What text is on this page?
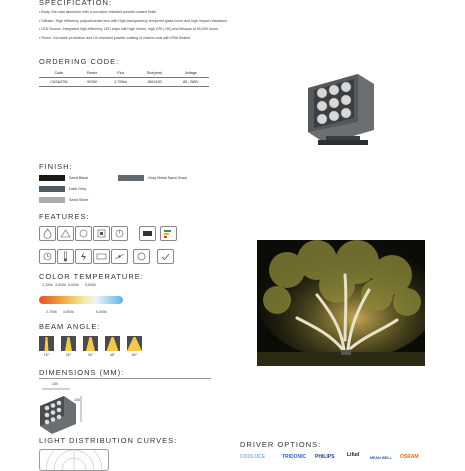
SPECIFICATION:
• Body: Die-cast aluminum with a corrosion-resistant powder-coated finish.
• Diffuser: High efficiency polycarbonate lens with High-transparency tempered glass cover and high impact resistance.
• LED Source: Integrated high-efficiency LED chips with high lumen, high CRI (>90) and lifespan of 50,000 hours.
• Finish: Corrosion protection and UV-resistant powder coating or marine coat with IP66 Sealed.
ORDERING CODE:
Code	Power	Flux	Size(mm)	Voltage
CUSA27W	9X3W	2,700lm	150X150	85 - 265V
FINISH:
Sand Black
Dark Grey
Sand Silver
Gray Metal Sand Grain
FEATURES:
COLOR TEMPERATURE:
2,200k 3,000k 4,000k 5,000k
2,700k 3,500k	6,500k
BEAM ANGLE:
15°	25°	30°	45°	60°
DIMENSIONS (MM):
150
150
LIGHT DISTRIBUTION CURVES:	DRIVER OPTIONS:
COOLUCE	TRIDONIC PHILIPS	Lifud	MEAN WELL OSRAM
